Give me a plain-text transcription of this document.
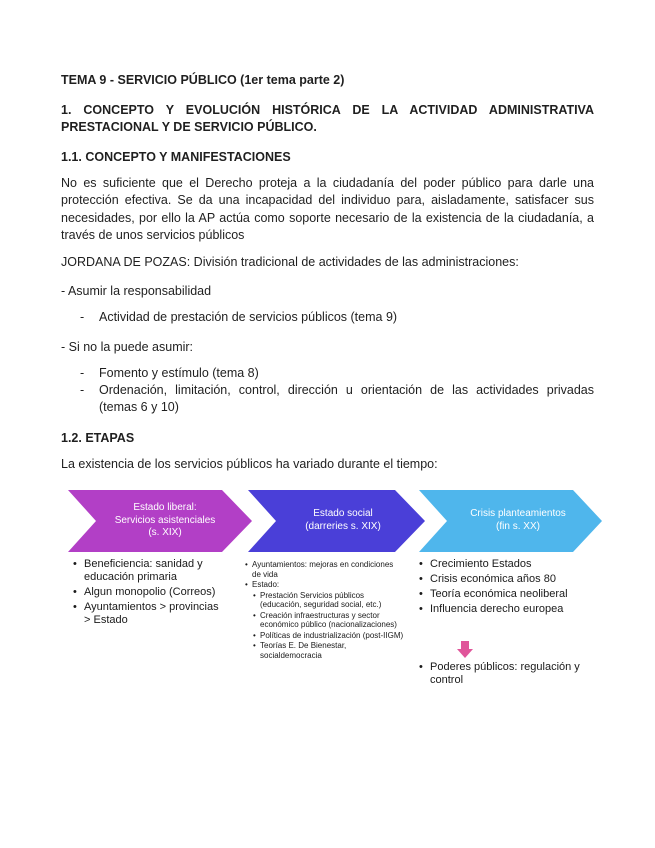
TEMA 9 - SERVICIO PÚBLICO (1er tema parte 2)
1. CONCEPTO Y EVOLUCIÓN HISTÓRICA DE LA ACTIVIDAD ADMINISTRATIVA PRESTACIONAL Y DE SERVICIO PÚBLICO.
1.1. CONCEPTO Y MANIFESTACIONES
No es suficiente que el Derecho proteja a la ciudadanía del poder público para darle una protección efectiva. Se da una incapacidad del individuo para, aisladamente, satisfacer sus necesidades, por ello la AP actúa como soporte necesario de la existencia de la ciudadanía, a través de unos servicios públicos
JORDANA DE POZAS: División tradicional de actividades de las administraciones:
- Asumir la responsabilidad
- Actividad de prestación de servicios públicos (tema 9)
- Si no la puede asumir:
- Fomento y estímulo (tema 8)
- Ordenación, limitación, control, dirección u orientación de las actividades privadas (temas 6 y 10)
1.2. ETAPAS
La existencia de los servicios públicos ha variado durante el tiempo:
Estado liberal:
Servicios asistenciales
(s. XIX)
Estado social
(darreries s. XIX)
Crisis planteamientos
(fin s. XX)
• Beneficiencia: sanidad y educación primaria
• Algun monopolio (Correos)
• Ayuntamientos > provincias > Estado
• Ayuntamientos: mejoras en condiciones de vida
• Estado:
• Prestación Servicios públicos (educación, seguridad social, etc.)
• Creación infraestructuras y sector económico público (nacionalizaciones)
• Políticas de industrialización (post-IIGM)
• Teorías E. De Bienestar, socialdemocracia
• Crecimiento Estados
• Crisis económica años 80
• Teoría económica neoliberal
• Influencia derecho europea
• Poderes públicos: regulación y control
